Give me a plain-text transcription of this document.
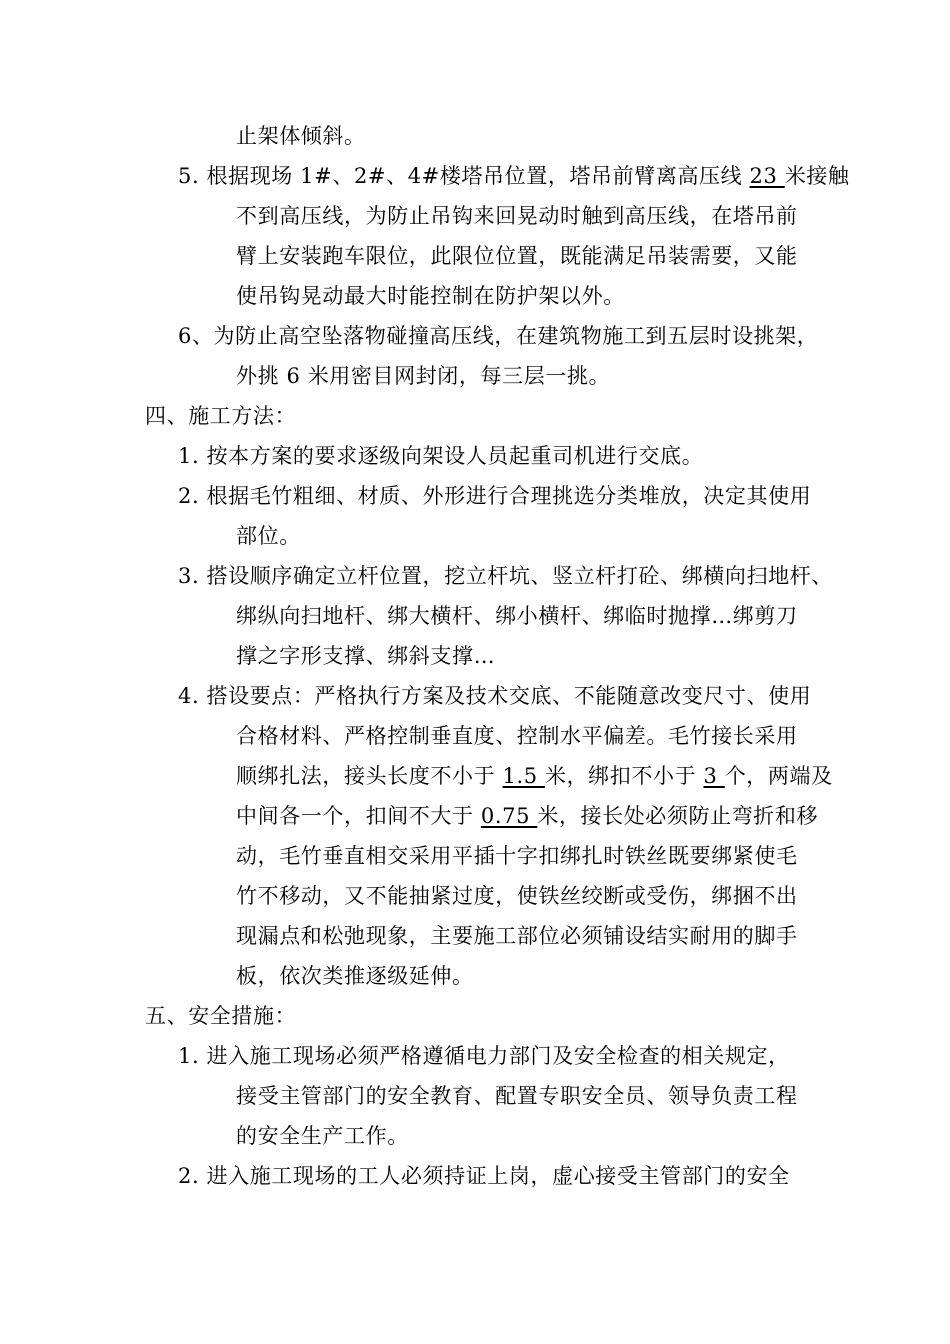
止架体倾斜。
5. 根据现场 1#、2#、4#楼塔吊位置，塔吊前臂离高压线 23 米接触
不到高压线，为防止吊钩来回晃动时触到高压线，在塔吊前
臂上安装跑车限位，此限位位置，既能满足吊装需要，又能
使吊钩晃动最大时能控制在防护架以外。
6、为防止高空坠落物碰撞高压线，在建筑物施工到五层时设挑架，
外挑 6 米用密目网封闭，每三层一挑。
四、施工方法：
1. 按本方案的要求逐级向架设人员起重司机进行交底。
2. 根据毛竹粗细、材质、外形进行合理挑选分类堆放，决定其使用
部位。
3. 搭设顺序确定立杆位置，挖立杆坑、竖立杆打砼、绑横向扫地杆、
绑纵向扫地杆、绑大横杆、绑小横杆、绑临时抛撑…绑剪刀
撑之字形支撑、绑斜支撑…
4. 搭设要点：严格执行方案及技术交底、不能随意改变尺寸、使用
合格材料、严格控制垂直度、控制水平偏差。毛竹接长采用
顺绑扎法，接头长度不小于 1.5 米，绑扣不小于 3 个，两端及
中间各一个，扣间不大于 0.75 米，接长处必须防止弯折和移
动，毛竹垂直相交采用平插十字扣绑扎时铁丝既要绑紧使毛
竹不移动，又不能抽紧过度，使铁丝绞断或受伤，绑捆不出
现漏点和松弛现象，主要施工部位必须铺设结实耐用的脚手
板，依次类推逐级延伸。
五、安全措施：
1. 进入施工现场必须严格遵循电力部门及安全检查的相关规定，
接受主管部门的安全教育、配置专职安全员、领导负责工程
的安全生产工作。
2. 进入施工现场的工人必须持证上岗，虚心接受主管部门的安全
